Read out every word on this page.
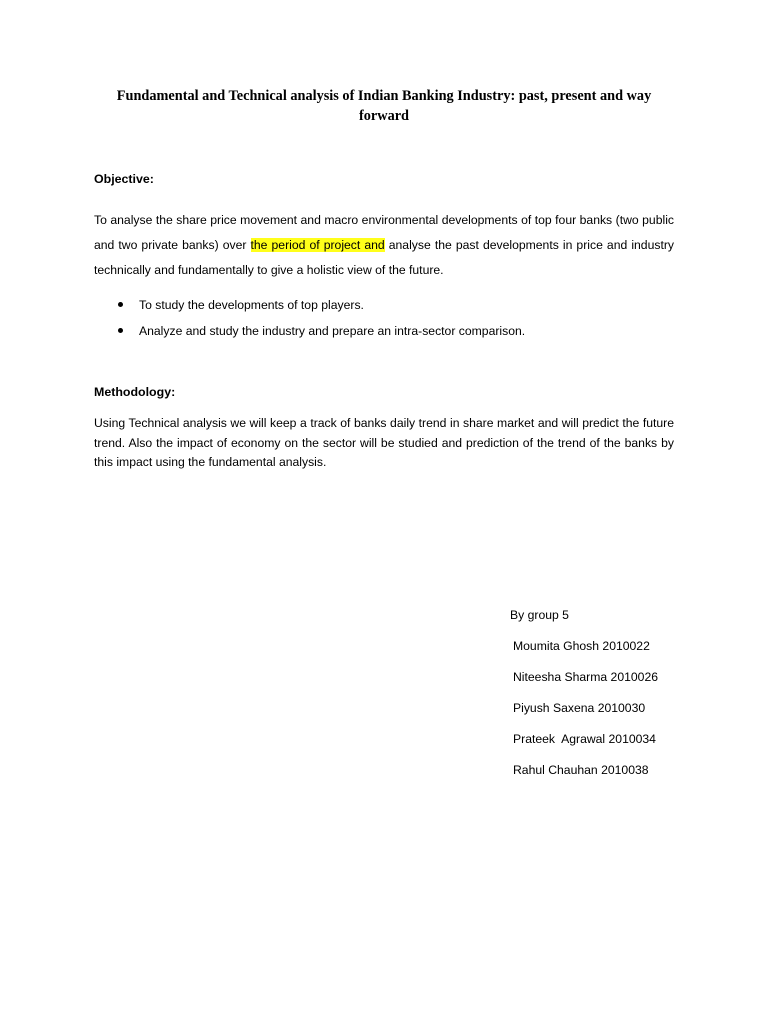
Fundamental and Technical analysis of Indian Banking Industry: past, present and way forward
Objective:

To analyse the share price movement and macro environmental developments of top four banks (two public and two private banks) over the period of project and analyse the past developments in price and industry technically and fundamentally to give a holistic view of the future.

To study the developments of top players.
Analyze and study the industry and prepare an intra-sector comparison.
Methodology:

Using Technical analysis we will keep a track of banks daily trend in share market and will predict the future trend. Also the impact of economy on the sector will be studied and prediction of the trend of the banks by this impact using the fundamental analysis.

By group 5
Moumita Ghosh 2010022
Niteesha Sharma 2010026
Piyush Saxena 2010030
Prateek  Agrawal 2010034
Rahul Chauhan 2010038
